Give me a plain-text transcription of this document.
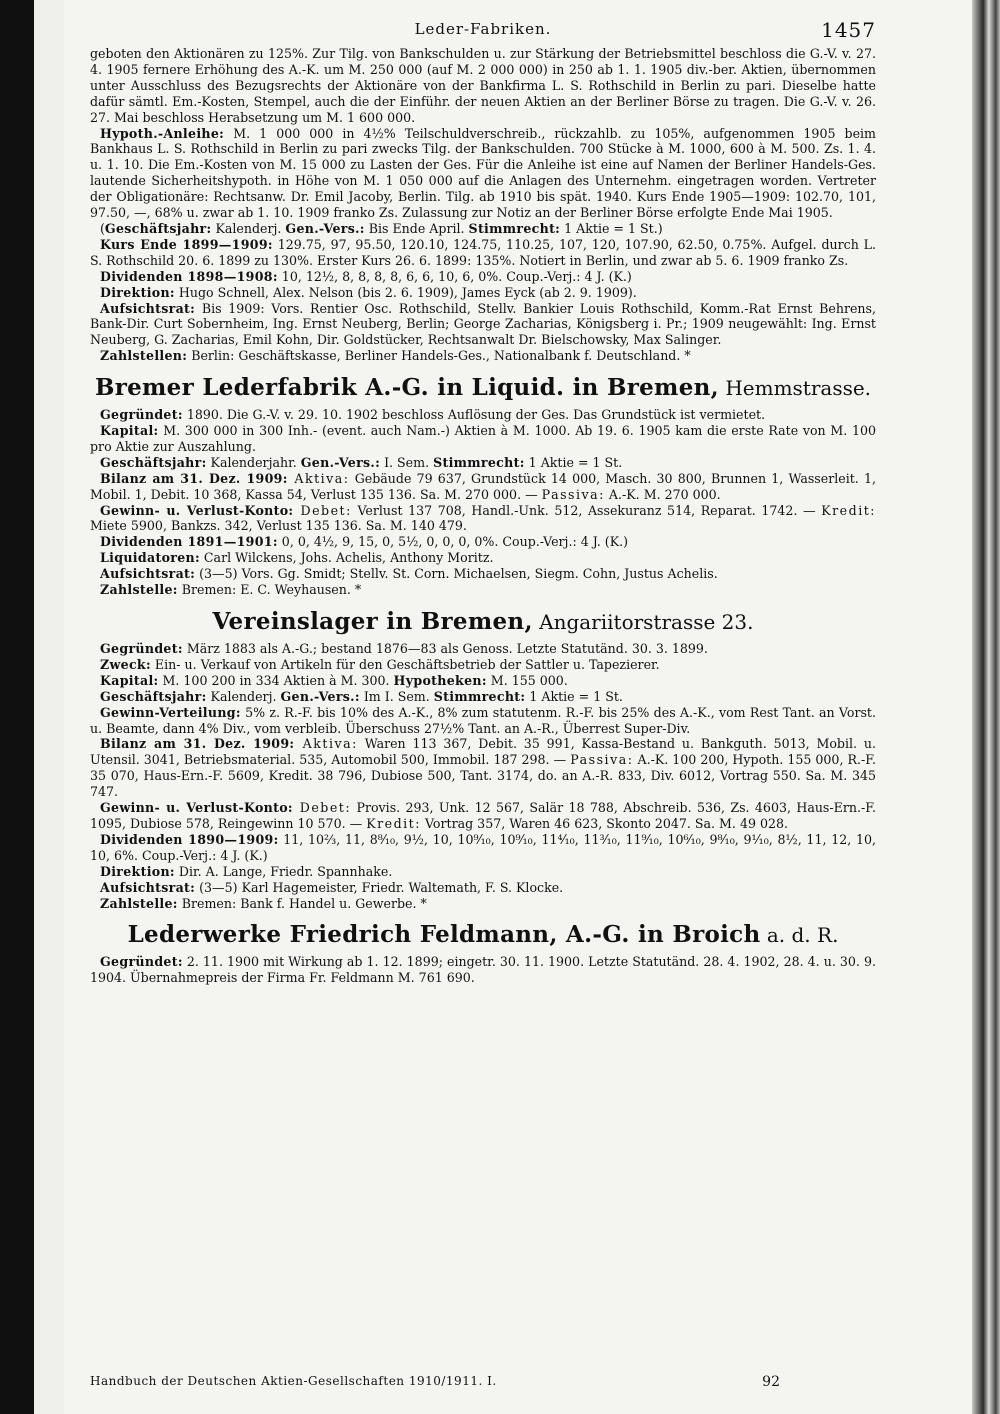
Leder-Fabriken.	1457

geboten den Aktionären zu 125%. Zur Tilg. von Bankschulden u. zur Stärkung der Betriebsmittel beschloss die G.-V. v. 27. 4. 1905 fernere Erhöhung des A.-K. um M. 250 000 (auf M. 2 000 000) in 250 ab 1. 1. 1905 div.-ber. Aktien, übernommen unter Ausschluss des Bezugsrechts der Aktionäre von der Bankfirma L. S. Rothschild in Berlin zu pari. Dieselbe hatte dafür sämtl. Em.-Kosten, Stempel, auch die der Einführ. der neuen Aktien an der Berliner Börse zu tragen. Die G.-V. v. 26. 27. Mai beschloss Herabsetzung um M. 1 600 000.

Hypoth.-Anleihe: M. 1 000 000 in 4½% Teilschuldverschreib., rückzahlb. zu 105%, aufgenommen 1905 beim Bankhaus L. S. Rothschild in Berlin zu pari zwecks Tilg. der Bankschulden. 700 Stücke à M. 1000, 600 à M. 500. Zs. 1. 4. u. 1. 10. Die Em.-Kosten von M. 15 000 zu Lasten der Ges. Für die Anleihe ist eine auf Namen der Berliner Handels-Ges. lautende Sicherheitshypoth. in Höhe von M. 1 050 000 auf die Anlagen des Unternehm. eingetragen worden. Vertreter der Obligationäre: Rechtsanw. Dr. Emil Jacoby, Berlin. Tilg. ab 1910 bis spät. 1940. Kurs Ende 1905—1909: 102.70, 101, 97.50, —, 68% u. zwar ab 1. 10. 1909 franko Zs. Zulassung zur Notiz an der Berliner Börse erfolgte Ende Mai 1905.

(Geschäftsjahr: Kalenderj. Gen.-Vers.: Bis Ende April. Stimmrecht: 1 Aktie = 1 St.)

Kurs Ende 1899—1909: 129.75, 97, 95.50, 120.10, 124.75, 110.25, 107, 120, 107.90, 62.50, 0.75%. Aufgel. durch L. S. Rothschild 20. 6. 1899 zu 130%. Erster Kurs 26. 6. 1899: 135%. Notiert in Berlin, und zwar ab 5. 6. 1909 franko Zs.

Dividenden 1898—1908: 10, 12½, 8, 8, 8, 8, 6, 6, 10, 6, 0%. Coup.-Verj.: 4 J. (K.)

Direktion: Hugo Schnell, Alex. Nelson (bis 2. 6. 1909), James Eyck (ab 2. 9. 1909).

Aufsichtsrat: Bis 1909: Vors. Rentier Osc. Rothschild, Stellv. Bankier Louis Rothschild, Komm.-Rat Ernst Behrens, Bank-Dir. Curt Sobernheim, Ing. Ernst Neuberg, Berlin; George Zacharias, Königsberg i. Pr.; 1909 neugewählt: Ing. Ernst Neuberg, G. Zacharias, Emil Kohn, Dir. Goldstücker, Rechtsanwalt Dr. Bielschowsky, Max Salinger.

Zahlstellen: Berlin: Geschäftskasse, Berliner Handels-Ges., Nationalbank f. Deutschland. *

Bremer Lederfabrik A.-G. in Liquid. in Bremen, Hemmstrasse.

Gegründet: 1890. Die G.-V. v. 29. 10. 1902 beschloss Auflösung der Ges. Das Grundstück ist vermietet.

Kapital: M. 300 000 in 300 Inh.- (event. auch Nam.-) Aktien à M. 1000. Ab 19. 6. 1905 kam die erste Rate von M. 100 pro Aktie zur Auszahlung.

Geschäftsjahr: Kalenderjahr. Gen.-Vers.: I. Sem. Stimmrecht: 1 Aktie = 1 St.

Bilanz am 31. Dez. 1909: Aktiva: Gebäude 79 637, Grundstück 14 000, Masch. 30 800, Brunnen 1, Wasserleit. 1, Mobil. 1, Debit. 10 368, Kassa 54, Verlust 135 136. Sa. M. 270 000. — Passiva: A.-K. M. 270 000.

Gewinn- u. Verlust-Konto: Debet: Verlust 137 708, Handl.-Unk. 512, Assekuranz 514, Reparat. 1742. — Kredit: Miete 5900, Bankzs. 342, Verlust 135 136. Sa. M. 140 479.

Dividenden 1891—1901: 0, 0, 4½, 9, 15, 0, 5½, 0, 0, 0, 0%. Coup.-Verj.: 4 J. (K.)

Liquidatoren: Carl Wilckens, Johs. Achelis, Anthony Moritz.

Aufsichtsrat: (3—5) Vors. Gg. Smidt; Stellv. St. Corn. Michaelsen, Siegm. Cohn, Justus Achelis.

Zahlstelle: Bremen: E. C. Weyhausen. *

Vereinslager in Bremen, Angariitorstrasse 23.

Gegründet: März 1883 als A.-G.; bestand 1876—83 als Genoss. Letzte Statutänd. 30. 3. 1899.

Zweck: Ein- u. Verkauf von Artikeln für den Geschäftsbetrieb der Sattler u. Tapezierer.

Kapital: M. 100 200 in 334 Aktien à M. 300. Hypotheken: M. 155 000.

Geschäftsjahr: Kalenderj. Gen.-Vers.: Im I. Sem. Stimmrecht: 1 Aktie = 1 St.

Gewinn-Verteilung: 5% z. R.-F. bis 10% des A.-K., 8% zum statutenm. R.-F. bis 25% des A.-K., vom Rest Tant. an Vorst. u. Beamte, dann 4% Div., vom verbleib. Überschuss 27½% Tant. an A.-R., Überrest Super-Div.

Bilanz am 31. Dez. 1909: Aktiva: Waren 113 367, Debit. 35 991, Kassa-Bestand u. Bankguth. 5013, Mobil. u. Utensil. 3041, Betriebsmaterial. 535, Automobil 500, Immobil. 187 298. — Passiva: A.-K. 100 200, Hypoth. 155 000, R.-F. 35 070, Haus-Ern.-F. 5609, Kredit. 38 796, Dubiose 500, Tant. 3174, do. an A.-R. 833, Div. 6012, Vortrag 550. Sa. M. 345 747.

Gewinn- u. Verlust-Konto: Debet: Provis. 293, Unk. 12 567, Salär 18 788, Abschreib. 536, Zs. 4603, Haus-Ern.-F. 1095, Dubiose 578, Reingewinn 10 570. — Kredit: Vortrag 357, Waren 46 623, Skonto 2047. Sa. M. 49 028.

Dividenden 1890—1909: 11, 10⅔, 11, 8⁸⁄₁₀, 9½, 10, 10⁹⁄₁₀, 10⁹⁄₁₀, 11⁴⁄₁₀, 11³⁄₁₀, 11⁹⁄₁₀, 10⁶⁄₁₀, 9⁸⁄₁₀, 9¹⁄₁₀, 8½, 11, 12, 10, 10, 6%. Coup.-Verj.: 4 J. (K.)

Direktion: Dir. A. Lange, Friedr. Spannhake.

Aufsichtsrat: (3—5) Karl Hagemeister, Friedr. Waltemath, F. S. Klocke.

Zahlstelle: Bremen: Bank f. Handel u. Gewerbe. *

Lederwerke Friedrich Feldmann, A.-G. in Broich a. d. R.

Gegründet: 2. 11. 1900 mit Wirkung ab 1. 12. 1899; eingetr. 30. 11. 1900. Letzte Statutänd. 28. 4. 1902, 28. 4. u. 30. 9. 1904. Übernahmepreis der Firma Fr. Feldmann M. 761 690.

Handbuch der Deutschen Aktien-Gesellschaften 1910/1911. I.	92
